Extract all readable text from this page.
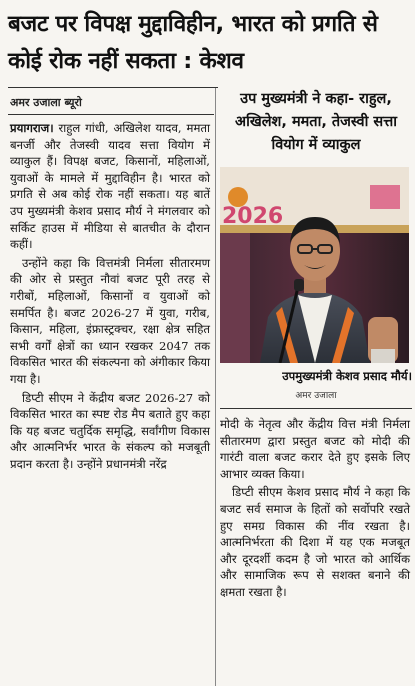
बजट पर विपक्ष मुद्दाविहीन, भारत को प्रगति से कोई रोक नहीं सकता : केशव
अमर उजाला ब्यूरो

प्रयागराज। राहुल गांधी, अखिलेश यादव, ममता बनर्जी और तेजस्वी यादव सत्ता वियोग में व्याकुल हैं। विपक्ष बजट, किसानों, महिलाओं, युवाओं के मामले में मुद्दाविहीन है। भारत को प्रगति से अब कोई रोक नहीं सकता। यह बातें उप मुख्यमंत्री केशव प्रसाद मौर्य ने मंगलवार को सर्किट हाउस में मीडिया से बातचीत के दौरान कहीं।

उन्होंने कहा कि वित्तमंत्री निर्मला सीतारमण की ओर से प्रस्तुत नौवां बजट पूरी तरह से गरीबों, महिलाओं, किसानों व युवाओं को समर्पित है। बजट 2026-27 में युवा, गरीब, किसान, महिला, इंफ्रास्ट्रक्चर, रक्षा क्षेत्र सहित सभी वर्गों क्षेत्रों का ध्यान रखकर 2047 तक विकसित भारत की संकल्पना को अंगीकार किया गया है।

डिप्टी सीएम ने केंद्रीय बजट 2026-27 को विकसित भारत का स्पष्ट रोड मैप बताते हुए कहा कि यह बजट चतुर्दिक समृद्धि, सर्वांगीण विकास और आत्मनिर्भर भारत के संकल्प को मजबूती प्रदान करता है। उन्होंने प्रधानमंत्री नरेंद्र

उप मुख्यमंत्री ने कहा- राहुल, अखिलेश, ममता, तेजस्वी सत्ता वियोग में व्याकुल
2026
उपमुख्यमंत्री केशव प्रसाद मौर्य।
अमर उजाला

मोदी के नेतृत्व और केंद्रीय वित्त मंत्री निर्मला सीतारमण द्वारा प्रस्तुत बजट को मोदी की गारंटी वाला बजट करार देते हुए इसके लिए आभार व्यक्त किया।

डिप्टी सीएम केशव प्रसाद मौर्य ने कहा कि बजट सर्व समाज के हितों को सर्वोपरि रखते हुए समग्र विकास की नींव रखता है। आत्मनिर्भरता की दिशा में यह एक मजबूत और दूरदर्शी कदम है जो भारत को आर्थिक और सामाजिक रूप से सशक्त बनाने की क्षमता रखता है।
